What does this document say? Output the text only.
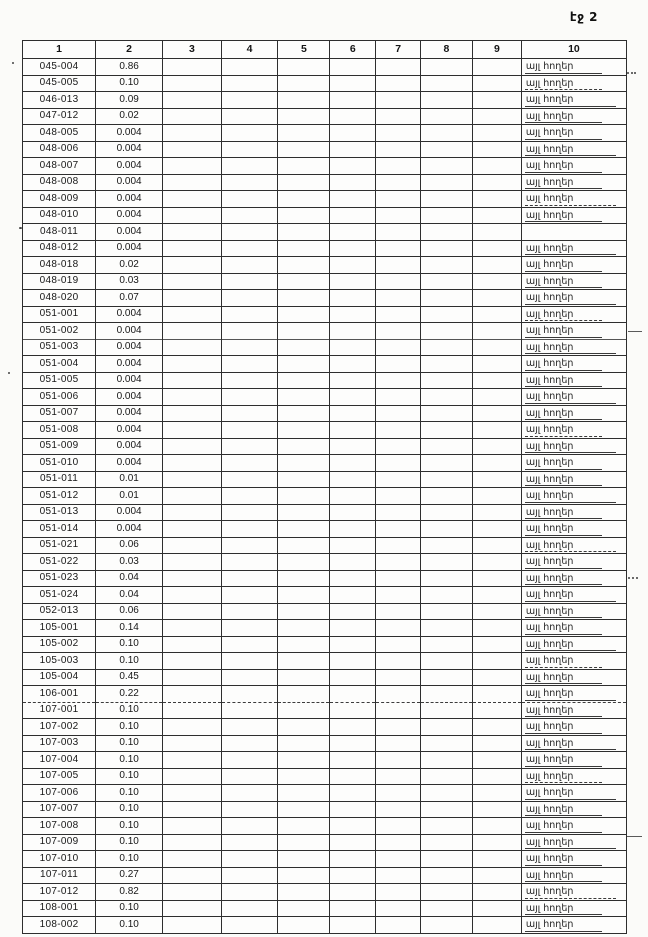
էջ 2
1	2	3	4	5	6	7	8	9	10
045-004	0.86								այլ հողեր
045-005	0.10								այլ հողեր
046-013	0.09								այլ հողեր
047-012	0.02								այլ հողեր
048-005	0.004								այլ հողեր
048-006	0.004								այլ հողեր
048-007	0.004								այլ հողեր
048-008	0.004								այլ հողեր
048-009	0.004								այլ հողեր
048-010	0.004								այլ հողեր
048-011	0.004								
048-012	0.004								այլ հողեր
048-018	0.02								այլ հողեր
048-019	0.03								այլ հողեր
048-020	0.07								այլ հողեր
051-001	0.004								այլ հողեր
051-002	0.004								այլ հողեր
051-003	0.004								այլ հողեր
051-004	0.004								այլ հողեր
051-005	0.004								այլ հողեր
051-006	0.004								այլ հողեր
051-007	0.004								այլ հողեր
051-008	0.004								այլ հողեր
051-009	0.004								այլ հողեր
051-010	0.004								այլ հողեր
051-011	0.01								այլ հողեր
051-012	0.01								այլ հողեր
051-013	0.004								այլ հողեր
051-014	0.004								այլ հողեր
051-021	0.06								այլ հողեր
051-022	0.03								այլ հողեր
051-023	0.04								այլ հողեր
051-024	0.04								այլ հողեր
052-013	0.06								այլ հողեր
105-001	0.14								այլ հողեր
105-002	0.10								այլ հողեր
105-003	0.10								այլ հողեր
105-004	0.45								այլ հողեր
106-001	0.22								այլ հողեր
107-001	0.10								այլ հողեր
107-002	0.10								այլ հողեր
107-003	0.10								այլ հողեր
107-004	0.10								այլ հողեր
107-005	0.10								այլ հողեր
107-006	0.10								այլ հողեր
107-007	0.10								այլ հողեր
107-008	0.10								այլ հողեր
107-009	0.10								այլ հողեր
107-010	0.10								այլ հողեր
107-011	0.27								այլ հողեր
107-012	0.82								այլ հողեր
108-001	0.10								այլ հողեր
108-002	0.10								այլ հողեր
